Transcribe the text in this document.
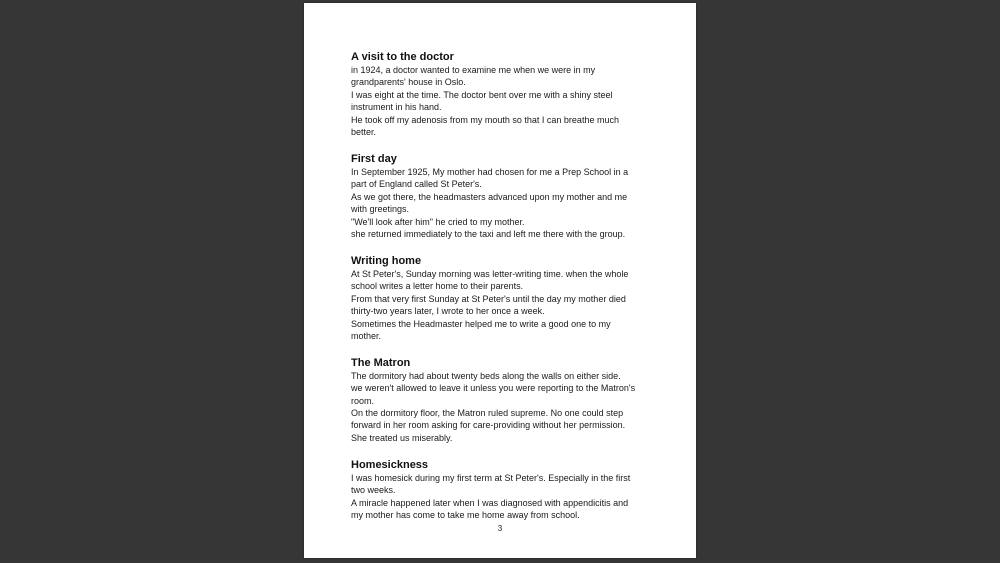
A visit to the doctor

in 1924, a doctor wanted to examine me when we were in my

grandparents' house in Oslo.

I was eight at the time. The doctor bent over me with a shiny steel

instrument in his hand.

He took off my adenosis from my mouth so that I can breathe much

better.

First day

In September 1925, My mother had chosen for me a Prep School in a

part of England called St Peter's.

As we got there, the headmasters advanced upon my mother and me

with greetings.

"We'll look after him" he cried to my mother.

she returned immediately to the taxi and left me there with the group.

Writing home

At St Peter's, Sunday morning was letter-writing time. when the whole

school writes a letter home to their parents.

From that very first Sunday at St Peter's until the day my mother died

thirty-two years later, I wrote to her once a week.

Sometimes the Headmaster helped me to write a good one to my

mother.

The Matron

The dormitory had about twenty beds along the walls on either side.

we weren't allowed to leave it unless you were reporting to the Matron's

room.

On the dormitory floor, the Matron ruled supreme. No one could step

forward in her room asking for care-providing without her permission.

She treated us miserably.

Homesickness

I was homesick during my first term at St Peter's. Especially in the first

two weeks.

A miracle happened later when I was diagnosed with appendicitis and

my mother has come to take me home away from school.

3
